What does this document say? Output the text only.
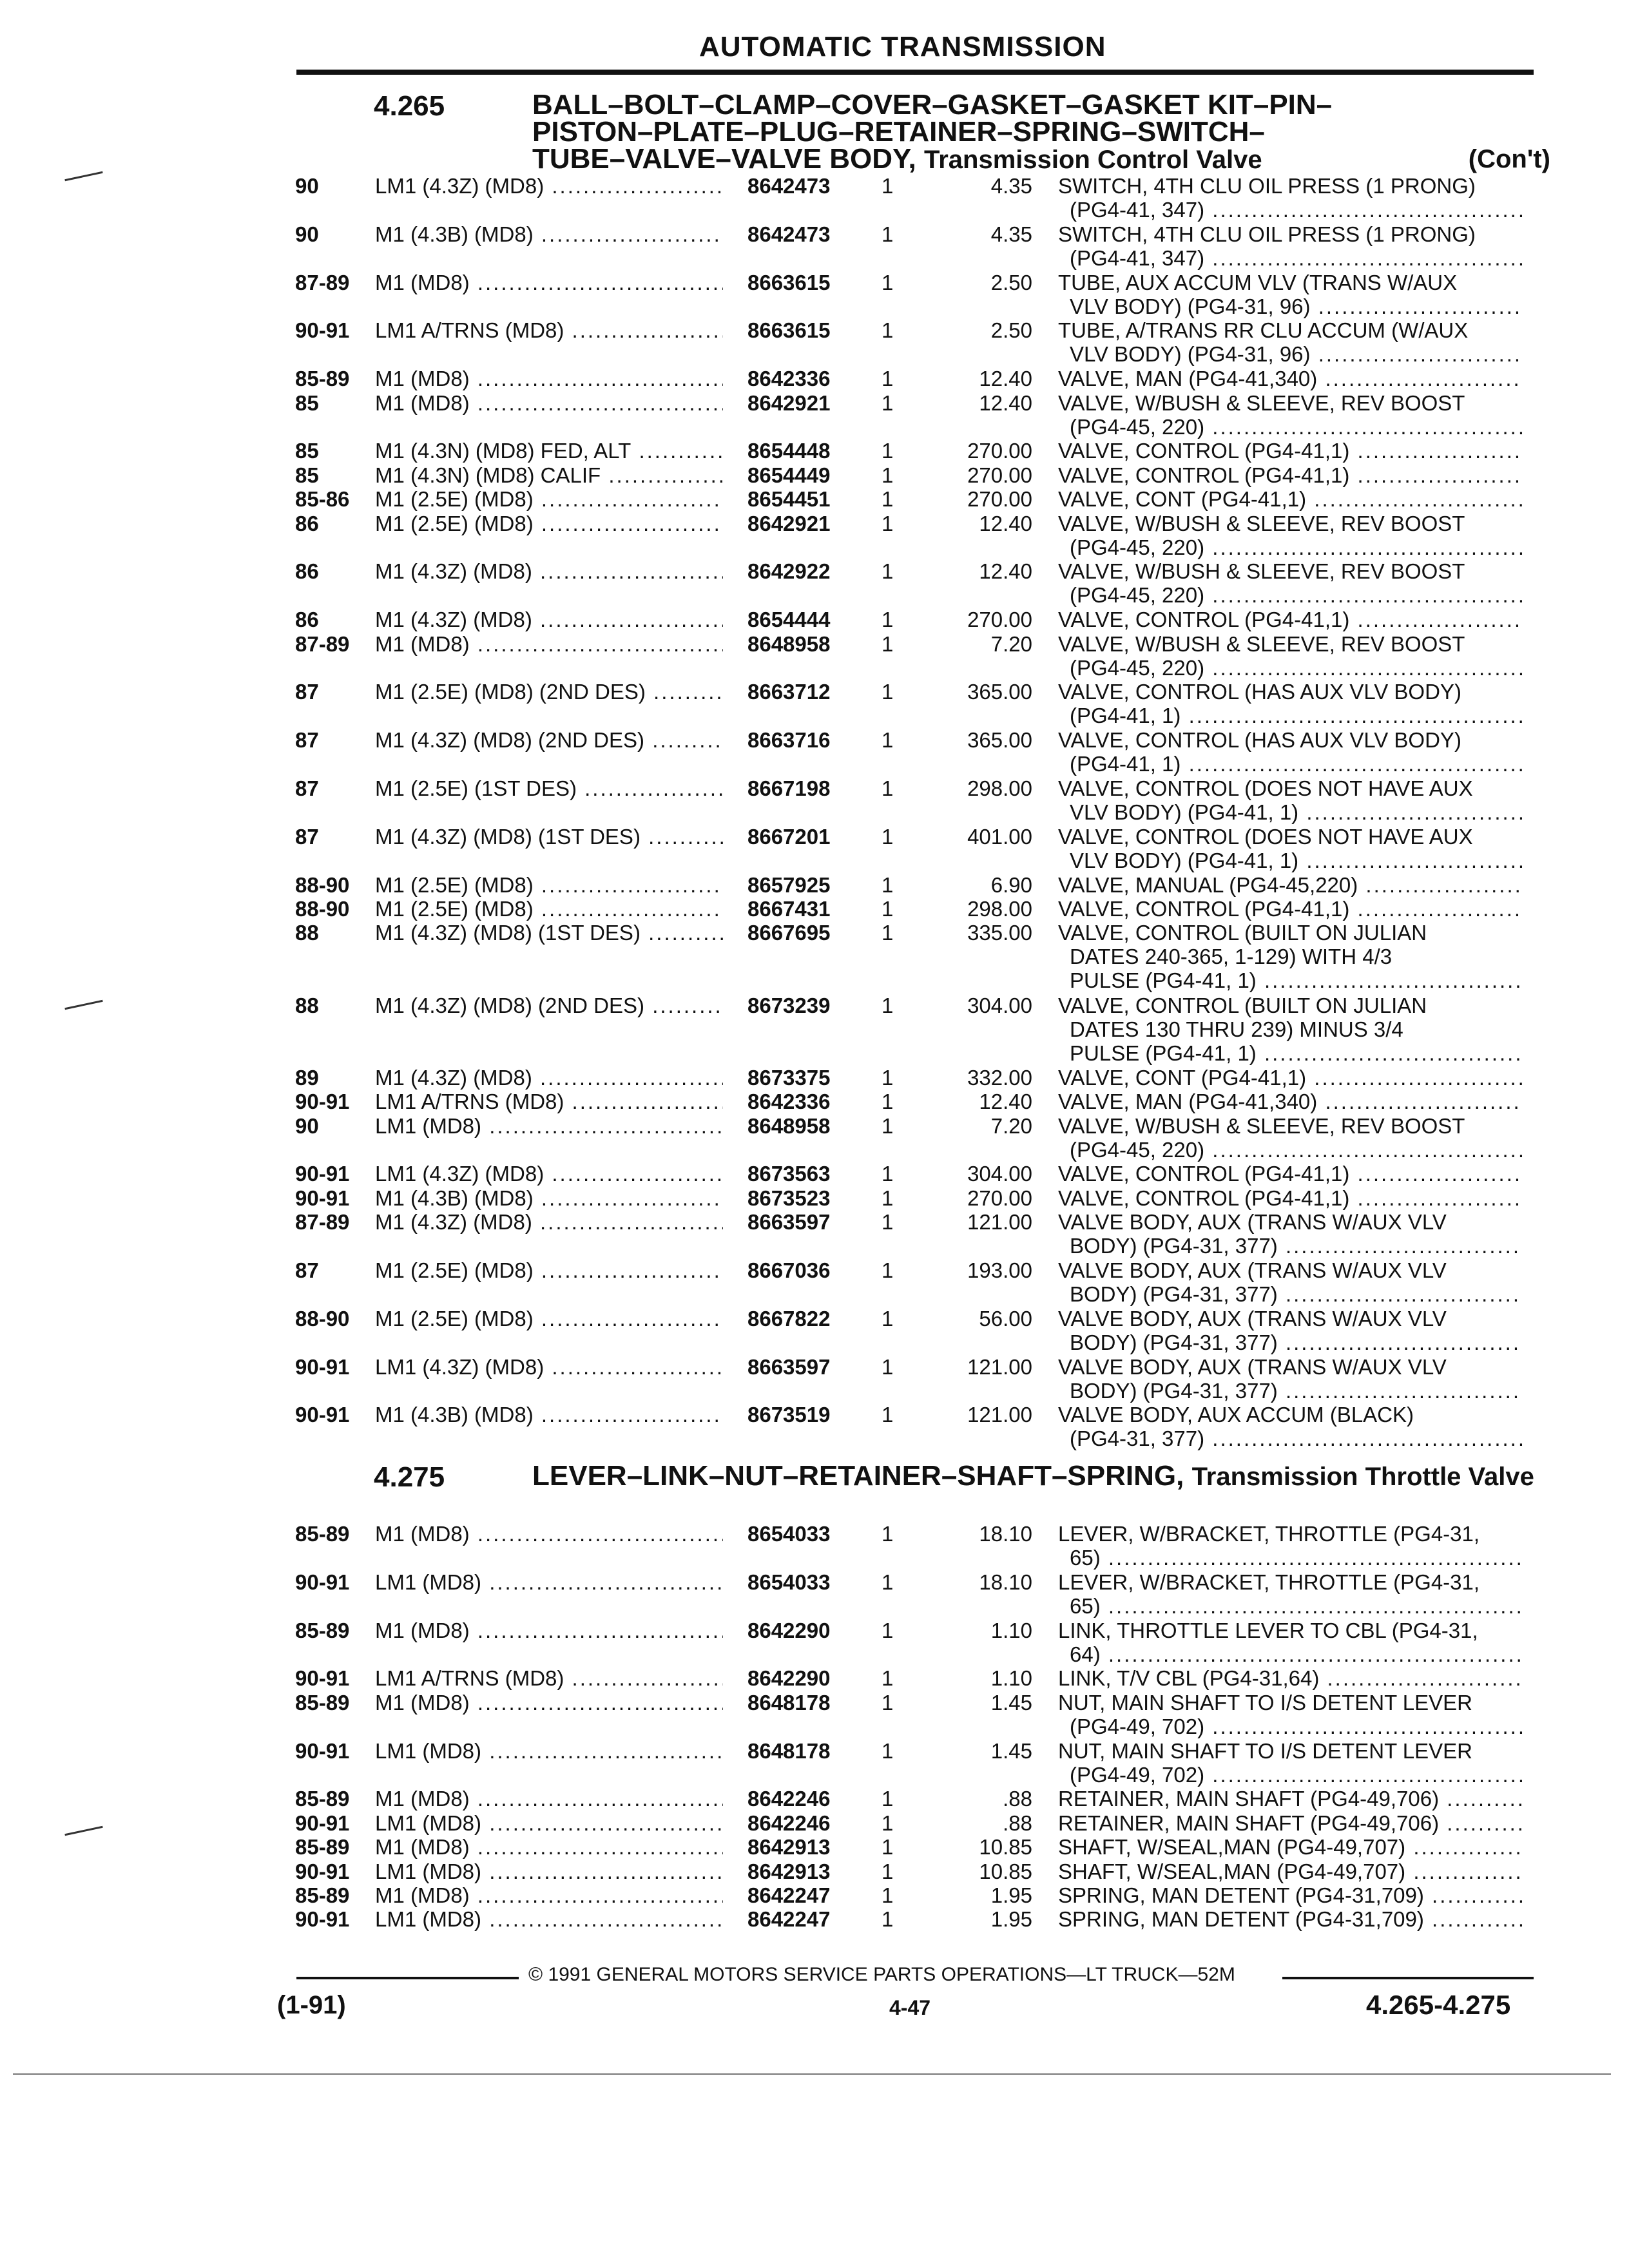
AUTOMATIC TRANSMISSION
4.265	BALL–BOLT–CLAMP–COVER–GASKET–GASKET KIT–PIN–
PISTON–PLATE–PLUG–RETAINER–SPRING–SWITCH–
TUBE–VALVE–VALVE BODY, Transmission Control Valve	(Con't)
90	LM1 (4.3Z) (MD8) .....	8642473	1	4.35 SWITCH, 4TH CLU OIL PRESS (1 PRONG)
(PG4-41, 347) .....
90	M1 (4.3B) (MD8) .....	8642473	1	4.35 SWITCH, 4TH CLU OIL PRESS (1 PRONG)
(PG4-41, 347) .....
87-89	M1 (MD8) .....	8663615	1	2.50 TUBE, AUX ACCUM VLV (TRANS W/AUX
VLV BODY) (PG4-31, 96) .....
90-91	LM1 A/TRNS (MD8) .....	8663615	1	2.50 TUBE, A/TRANS RR CLU ACCUM (W/AUX
VLV BODY) (PG4-31, 96) .....
85-89	M1 (MD8) .....	8642336	1	12.40 VALVE, MAN (PG4-41,340) .....
85	M1 (MD8) .....	8642921	1	12.40 VALVE, W/BUSH & SLEEVE, REV BOOST
(PG4-45, 220) .....
85	M1 (4.3N) (MD8) FED, ALT .....	8654448	1	270.00 VALVE, CONTROL (PG4-41,1) .....
85	M1 (4.3N) (MD8) CALIF .....	8654449	1	270.00 VALVE, CONTROL (PG4-41,1) .....
85-86	M1 (2.5E) (MD8) .....	8654451	1	270.00 VALVE, CONT (PG4-41,1) .....
86	M1 (2.5E) (MD8) .....	8642921	1	12.40 VALVE, W/BUSH & SLEEVE, REV BOOST
(PG4-45, 220) .....
86	M1 (4.3Z) (MD8) .....	8642922	1	12.40 VALVE, W/BUSH & SLEEVE, REV BOOST
(PG4-45, 220) .....
86	M1 (4.3Z) (MD8) .....	8654444	1	270.00 VALVE, CONTROL (PG4-41,1) .....
87-89	M1 (MD8) .....	8648958	1	7.20 VALVE, W/BUSH & SLEEVE, REV BOOST
(PG4-45, 220) .....
87	M1 (2.5E) (MD8) (2ND DES) .....	8663712	1	365.00 VALVE, CONTROL (HAS AUX VLV BODY)
(PG4-41, 1) .....
87	M1 (4.3Z) (MD8) (2ND DES) .....	8663716	1	365.00 VALVE, CONTROL (HAS AUX VLV BODY)
(PG4-41, 1) .....
87	M1 (2.5E) (1ST DES) .....	8667198	1	298.00 VALVE, CONTROL (DOES NOT HAVE AUX
VLV BODY) (PG4-41, 1) .....
87	M1 (4.3Z) (MD8) (1ST DES) .....	8667201	1	401.00 VALVE, CONTROL (DOES NOT HAVE AUX
VLV BODY) (PG4-41, 1) .....
88-90	M1 (2.5E) (MD8) .....	8657925	1	6.90 VALVE, MANUAL (PG4-45,220) .....
88-90	M1 (2.5E) (MD8) .....	8667431	1	298.00 VALVE, CONTROL (PG4-41,1) .....
88	M1 (4.3Z) (MD8) (1ST DES) .....	8667695	1	335.00 VALVE, CONTROL (BUILT ON JULIAN
DATES 240-365, 1-129) WITH 4/3
PULSE (PG4-41, 1) .....
88	M1 (4.3Z) (MD8) (2ND DES) .....	8673239	1	304.00 VALVE, CONTROL (BUILT ON JULIAN
DATES 130 THRU 239) MINUS 3/4
PULSE (PG4-41, 1) .....
89	M1 (4.3Z) (MD8) .....	8673375	1	332.00 VALVE, CONT (PG4-41,1) .....
90-91	LM1 A/TRNS (MD8) .....	8642336	1	12.40 VALVE, MAN (PG4-41,340) .....
90	LM1 (MD8) .....	8648958	1	7.20 VALVE, W/BUSH & SLEEVE, REV BOOST
(PG4-45, 220) .....
90-91	LM1 (4.3Z) (MD8) .....	8673563	1	304.00 VALVE, CONTROL (PG4-41,1) .....
90-91	M1 (4.3B) (MD8) .....	8673523	1	270.00 VALVE, CONTROL (PG4-41,1) .....
87-89	M1 (4.3Z) (MD8) .....	8663597	1	121.00 VALVE BODY, AUX (TRANS W/AUX VLV
BODY) (PG4-31, 377) .....
87	M1 (2.5E) (MD8) .....	8667036	1	193.00 VALVE BODY, AUX (TRANS W/AUX VLV
BODY) (PG4-31, 377) .....
88-90	M1 (2.5E) (MD8) .....	8667822	1	56.00 VALVE BODY, AUX (TRANS W/AUX VLV
BODY) (PG4-31, 377) .....
90-91	LM1 (4.3Z) (MD8) .....	8663597	1	121.00 VALVE BODY, AUX (TRANS W/AUX VLV
BODY) (PG4-31, 377) .....
90-91	M1 (4.3B) (MD8) .....	8673519	1	121.00 VALVE BODY, AUX ACCUM (BLACK)
(PG4-31, 377) .....
4.275	LEVER–LINK–NUT–RETAINER–SHAFT–SPRING, Transmission Throttle Valve
85-89	M1 (MD8) .....	8654033	1	18.10 LEVER, W/BRACKET, THROTTLE (PG4-31,
65) .....
90-91	LM1 (MD8) .....	8654033	1	18.10 LEVER, W/BRACKET, THROTTLE (PG4-31,
65) .....
85-89	M1 (MD8) .....	8642290	1	1.10 LINK, THROTTLE LEVER TO CBL (PG4-31,
64) .....
90-91	LM1 A/TRNS (MD8) .....	8642290	1	1.10 LINK, T/V CBL (PG4-31,64) .....
85-89	M1 (MD8) .....	8648178	1	1.45 NUT, MAIN SHAFT TO I/S DETENT LEVER
(PG4-49, 702) .....
90-91	LM1 (MD8) .....	8648178	1	1.45 NUT, MAIN SHAFT TO I/S DETENT LEVER
(PG4-49, 702) .....
85-89	M1 (MD8) .....	8642246	1	.88 RETAINER, MAIN SHAFT (PG4-49,706) .....
90-91	LM1 (MD8) .....	8642246	1	.88 RETAINER, MAIN SHAFT (PG4-49,706) .....
85-89	M1 (MD8) .....	8642913	1	10.85 SHAFT, W/SEAL,MAN (PG4-49,707) .....
90-91	LM1 (MD8) .....	8642913	1	10.85 SHAFT, W/SEAL,MAN (PG4-49,707) .....
85-89	M1 (MD8) .....	8642247	1	1.95 SPRING, MAN DETENT (PG4-31,709) .....
90-91	LM1 (MD8) .....	8642247	1	1.95 SPRING, MAN DETENT (PG4-31,709) .....
© 1991 GENERAL MOTORS SERVICE PARTS OPERATIONS—LT TRUCK—52M
(1-91)	4-47	4.265-4.275
